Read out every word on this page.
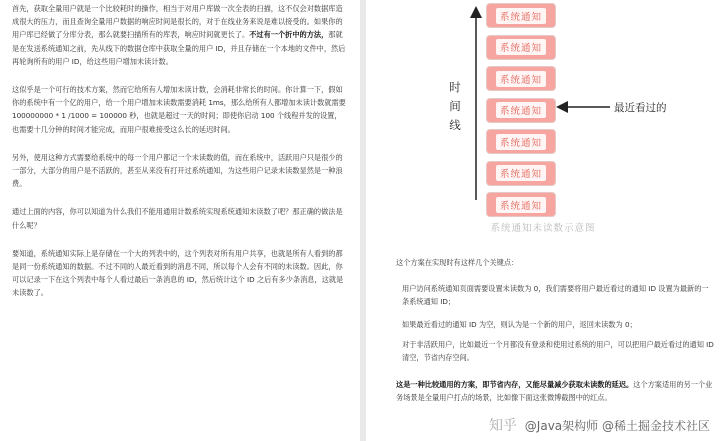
首先，获取全量用户就是一个比较耗时的操作，相当于对用户库做一次全表的扫描，这不仅会对数据库造成很大的压力，而且查询全量用户数据的响应时间是很长的，对于在线业务来说是难以接受的。如果你的用户库已经做了分库分表，那么就要扫描所有的库表，响应时间就更长了。不过有一个折中的方法，那就是在发送系统通知之前，先从线下的数据仓库中获取全量的用户 ID，并且存储在一个本地的文件中，然后再轮询所有的用户 ID，给这些用户增加未读计数。

这似乎是一个可行的技术方案，然而它给所有人增加未读计数，会消耗非常长的时间。你计算一下，假如你的系统中有一个亿的用户，给一个用户增加未读数需要消耗 1ms，那么给所有人都增加未读计数就需要 100000000 * 1 /1000 = 100000 秒，也就是超过一天的时间；即使你启动 100 个线程并发的设置，也需要十几分钟的时间才能完成，而用户很难接受这么长的延迟时间。

另外，使用这种方式需要给系统中的每一个用户都记一个未读数的值，而在系统中，活跃用户只是很少的一部分，大部分的用户是不活跃的，甚至从来没有打开过系统通知，为这些用户记录未读数显然是一种浪费。

通过上面的内容，你可以知道为什么我们不能用通用计数系统实现系统通知未读数了吧？那正确的做法是什么呢？

要知道，系统通知实际上是存储在一个大的列表中的，这个列表对所有用户共享，也就是所有人看到的都是同一份系统通知的数据。不过不同的人最近看到的消息不同，所以每个人会有不同的未读数。因此，你可以记录一下在这个列表中每个人看过最后一条消息的 ID，然后统计这个 ID 之后有多少条消息，这就是未读数了。

系统通知
系统通知
系统通知
系统通知
系统通知
系统通知
系统通知
时
间
线
最近看过的
系统通知未读数示意图
这个方案在实现时有这样几个关键点：
用户访问系统通知页面需要设置未读数为 0，我们需要将用户最近看过的通知 ID 设置为最新的一条系统通知 ID；
如果最近看过的通知 ID 为空，则认为是一个新的用户，返回未读数为 0；
对于非活跃用户，比如最近一个月都没有登录和使用过系统的用户，可以把用户最近看过的通知 ID 清空，节省内存空间。
这是一种比较通用的方案，即节省内存，又能尽量减少获取未读数的延迟。这个方案适用的另一个业务场景是全量用户打点的场景，比如像下面这张微博截图中的红点。
知乎 @Java架构师 @稀土掘金技术社区
